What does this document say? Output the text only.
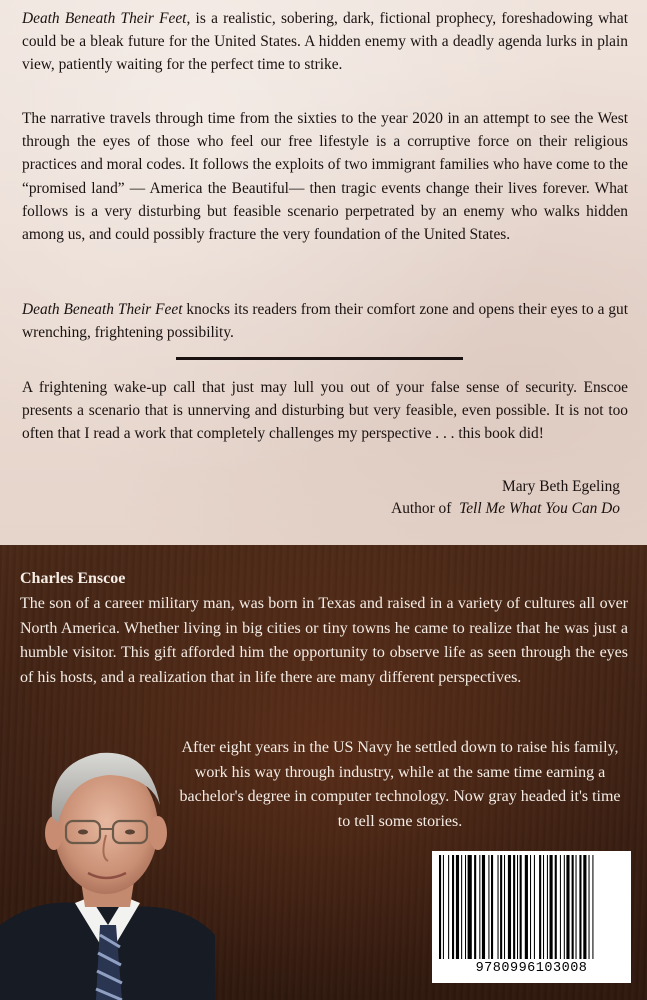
Death Beneath Their Feet, is a realistic, sobering, dark, fictional prophecy, foreshadowing what could be a bleak future for the United States. A hidden enemy with a deadly agenda lurks in plain view, patiently waiting for the perfect time to strike.

The narrative travels through time from the sixties to the year 2020 in an attempt to see the West through the eyes of those who feel our free lifestyle is a corruptive force on their religious practices and moral codes. It follows the exploits of two immigrant families who have come to the “promised land” — America the Beautiful— then tragic events change their lives forever. What follows is a very disturbing but feasible scenario perpetrated by an enemy who walks hidden among us, and could possibly fracture the very foundation of the United States.

Death Beneath Their Feet knocks its readers from their comfort zone and opens their eyes to a gut wrenching, frightening possibility.

A frightening wake-up call that just may lull you out of your false sense of security. Enscoe presents a scenario that is unnerving and disturbing but very feasible, even possible. It is not too often that I read a work that completely challenges my perspective . . . this book did!

Mary Beth Egeling
Author of Tell Me What You Can Do
Charles Enscoe

The son of a career military man, was born in Texas and raised in a variety of cultures all over North America. Whether living in big cities or tiny towns he came to realize that he was just a humble visitor. This gift afforded him the opportunity to observe life as seen through the eyes of his hosts, and a realization that in life there are many different perspectives.

After eight years in the US Navy he settled down to raise his family, work his way through industry, while at the same time earning a bachelor's degree in computer technology. Now gray headed it's time to tell some stories.

9780996103008
